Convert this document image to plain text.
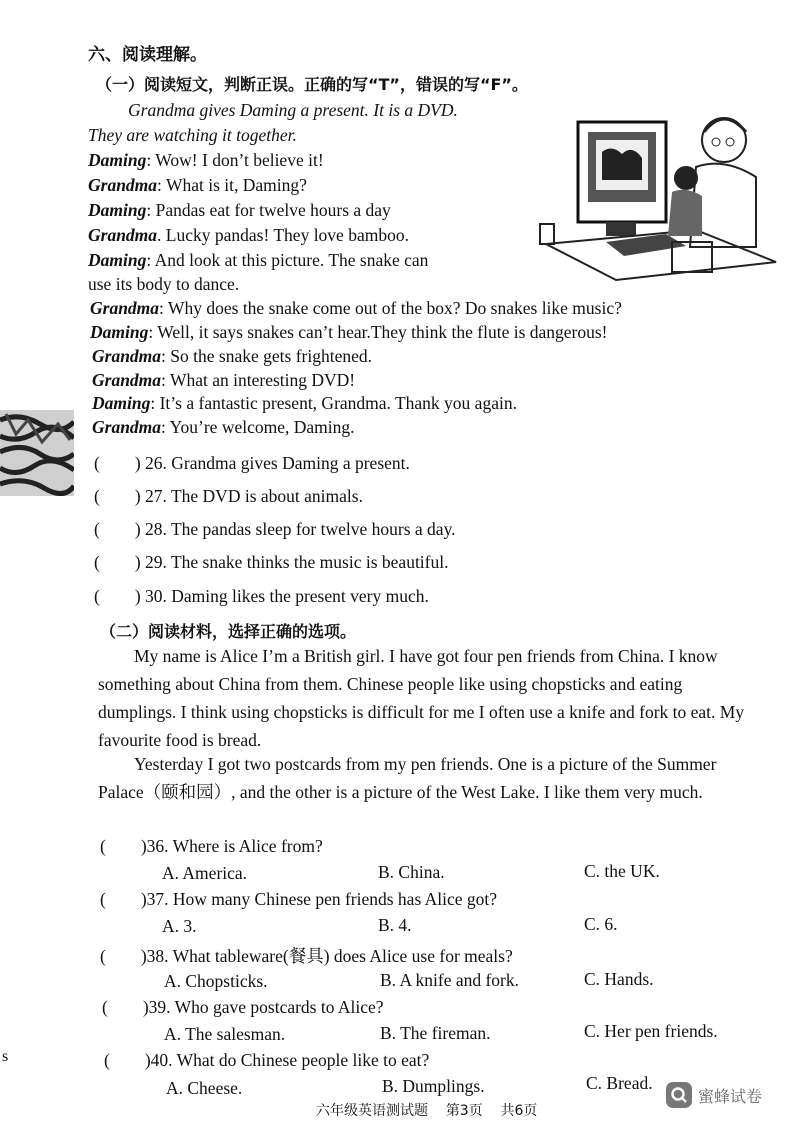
六、阅读理解。
（一）阅读短文，判断正误。正确的写“T”，错误的写“F”。
Grandma gives Daming a present. It is a DVD.
They are watching it together.
Daming: Wow! I don’t believe it!
Grandma: What is it, Daming?
Daming: Pandas eat for twelve hours a day
Grandma. Lucky pandas! They love bamboo.
Daming: And look at this picture. The snake can
use its body to dance.
Grandma: Why does the snake come out of the box? Do snakes like music?
Daming: Well, it says snakes can’t hear.They think the flute is dangerous!
Grandma: So the snake gets frightened.
Grandma: What an interesting DVD!
Daming: It’s a fantastic present, Grandma. Thank you again.
Grandma: You’re welcome, Daming.
(        ) 26. Grandma gives Daming a present.
(        ) 27. The DVD is about animals.
(        ) 28. The pandas sleep for twelve hours a day.
(        ) 29. The snake thinks the music is beautiful.
(        ) 30. Daming likes the present very much.
（二）阅读材料，选择正确的选项。
My name is Alice I’m a British girl. I have got four pen friends from China. I know something about China from them. Chinese people like using chopsticks and eating dumplings. I think using chopsticks is difficult for me I often use a knife and fork to eat. My favourite food is bread.
Yesterday I got two postcards from my pen friends. One is a picture of the Summer Palace（颐和园）, and the other is a picture of the West Lake. I like them very much.
(        )36. Where is Alice from?
A. America.	B. China.	C. the UK.
(        )37. How many Chinese pen friends has Alice got?
A. 3.	B. 4.	C. 6.
(        )38. What tableware(餐具) does Alice use for meals?
A. Chopsticks.	B. A knife and fork.	C. Hands.
(        )39. Who gave postcards to Alice?
A. The salesman.	B. The fireman.	C. Her pen friends.
(        )40. What do Chinese people like to eat?
A. Cheese.	B. Dumplings.	C. Bread.
s
六年级英语测试题    第3页    共6页
蜜蜂试卷
